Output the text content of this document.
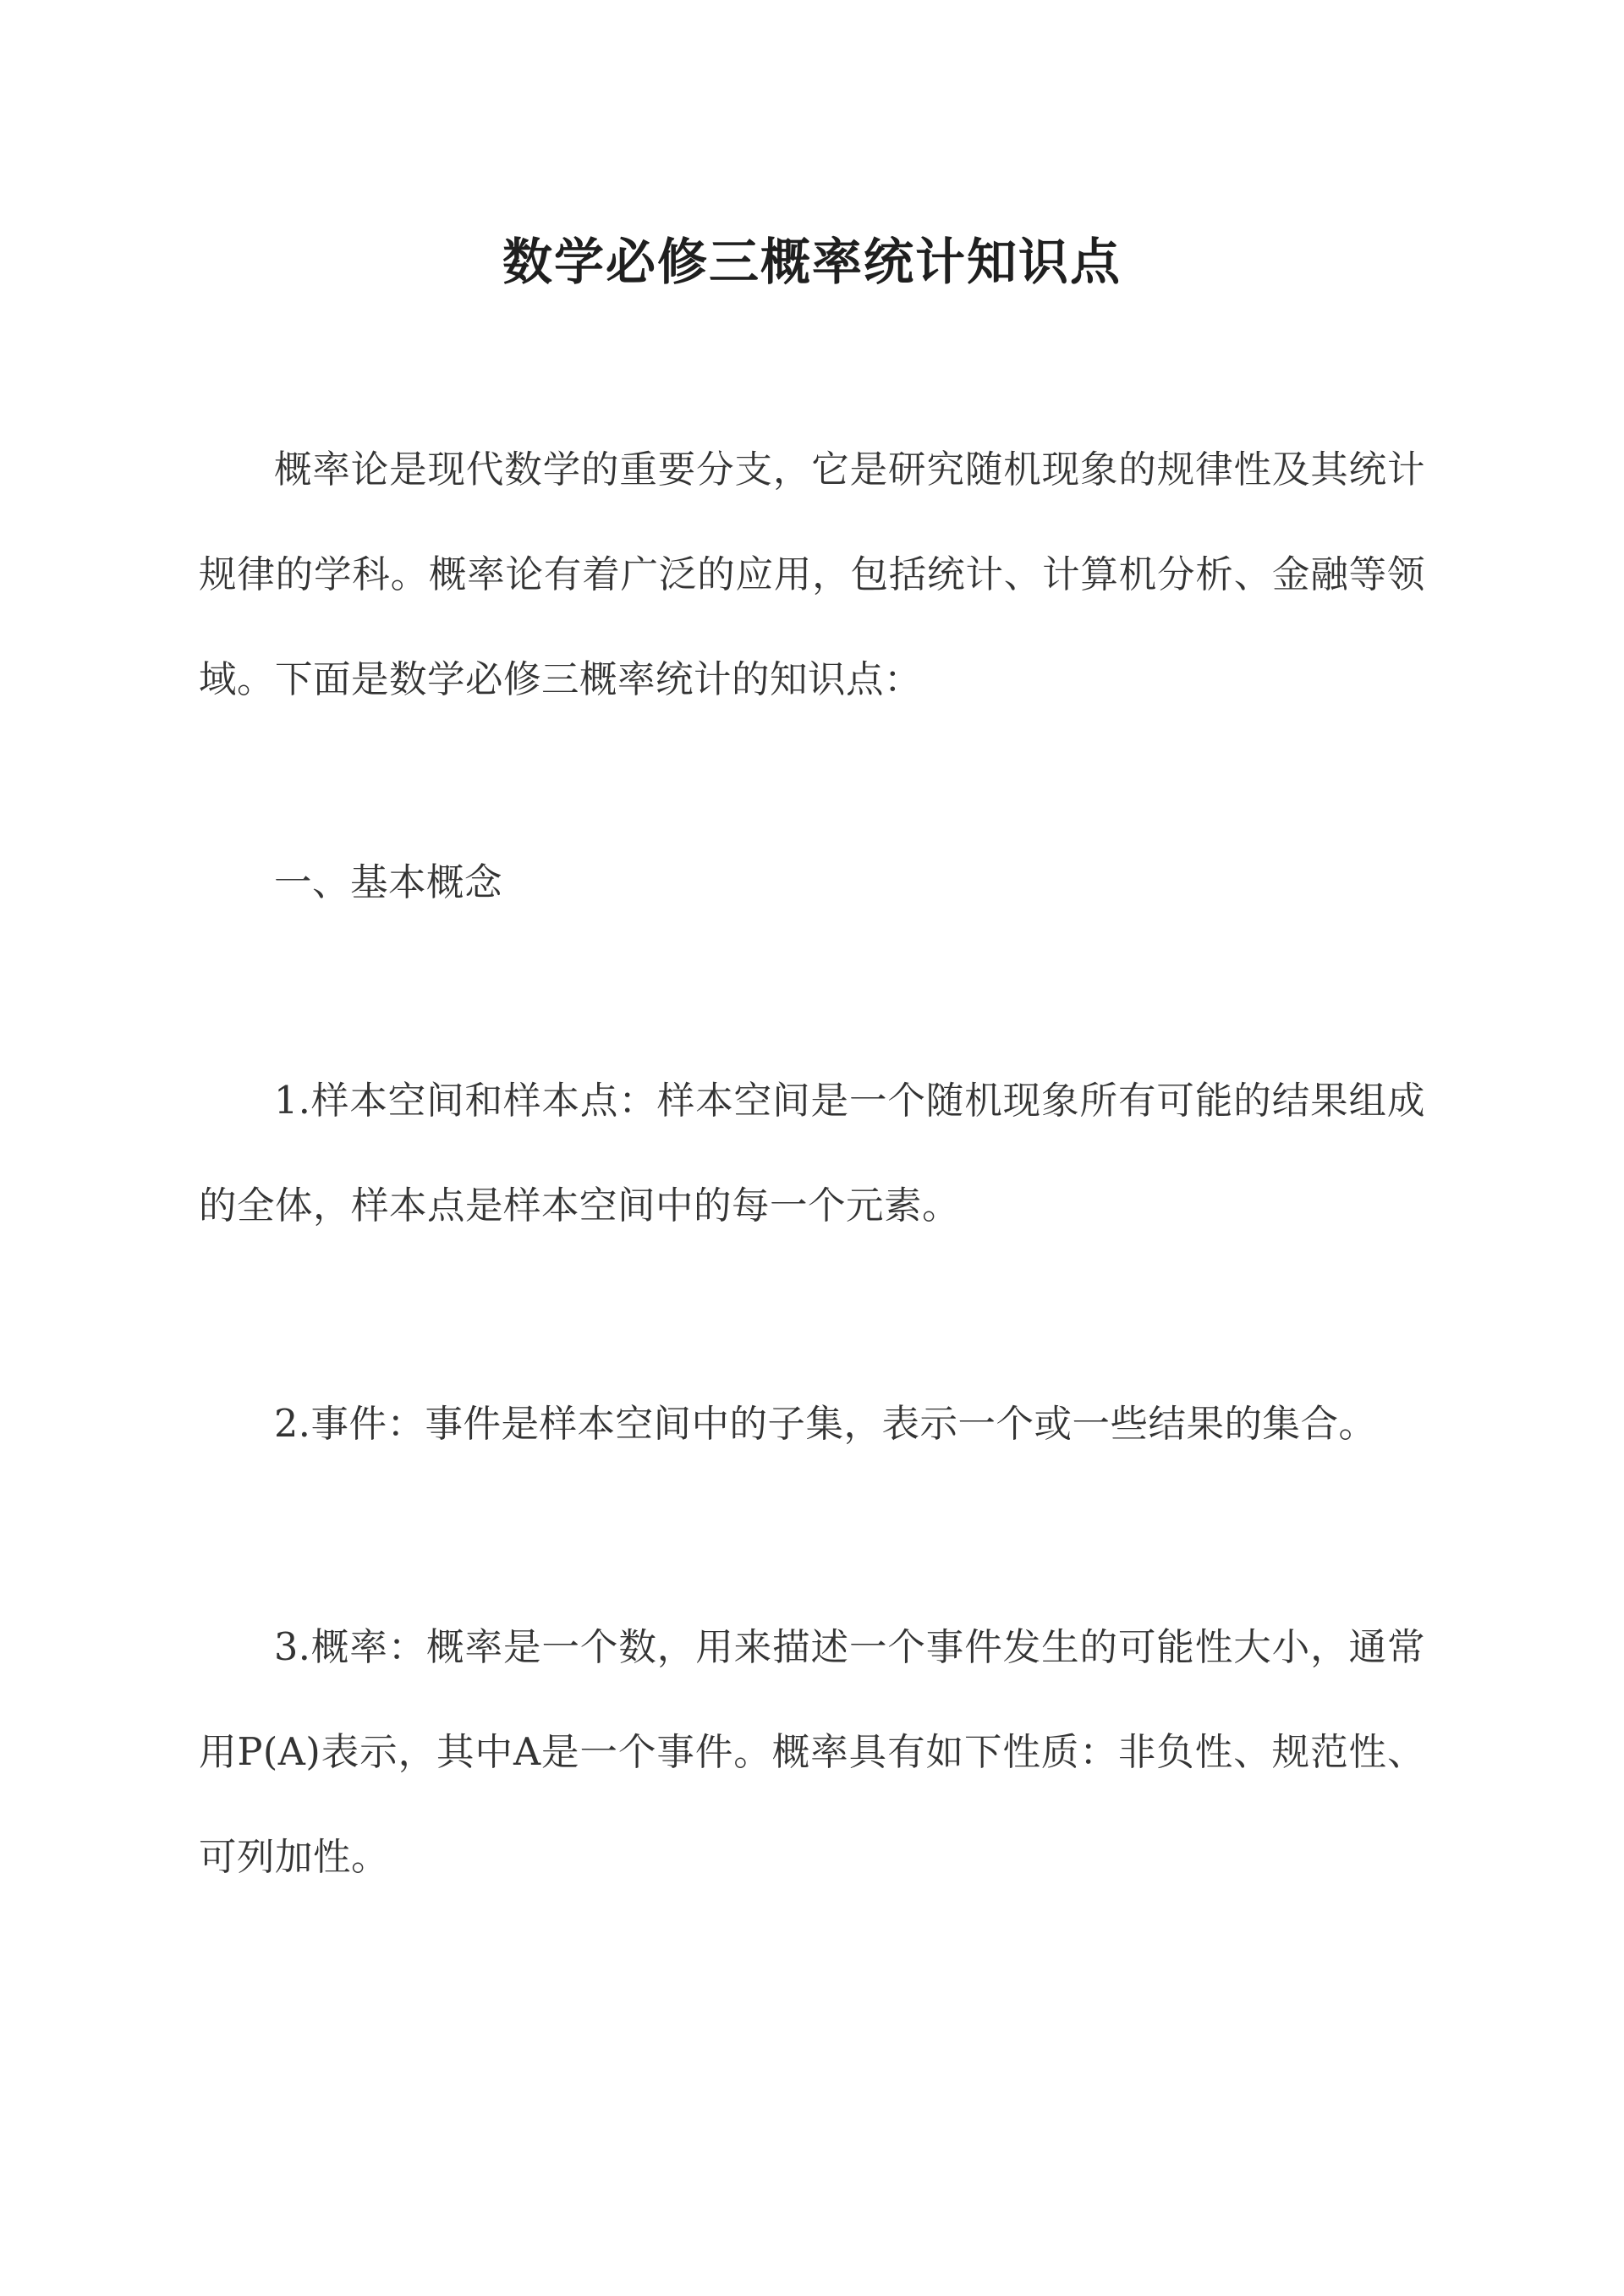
数学必修三概率统计知识点

概率论是现代数学的重要分支，它是研究随机现象的规律性及其统计规律的学科。概率论有着广泛的应用，包括统计、计算机分析、金融等领域。下面是数学必修三概率统计的知识点：

一、基本概念

1.样本空间和样本点：样本空间是一个随机现象所有可能的结果组成的全体，样本点是样本空间中的每一个元素。

2.事件：事件是样本空间中的子集，表示一个或一些结果的集合。

3.概率：概率是一个数，用来描述一个事件发生的可能性大小，通常用P(A)表示，其中A是一个事件。概率具有如下性质：非负性、规范性、可列加性。
